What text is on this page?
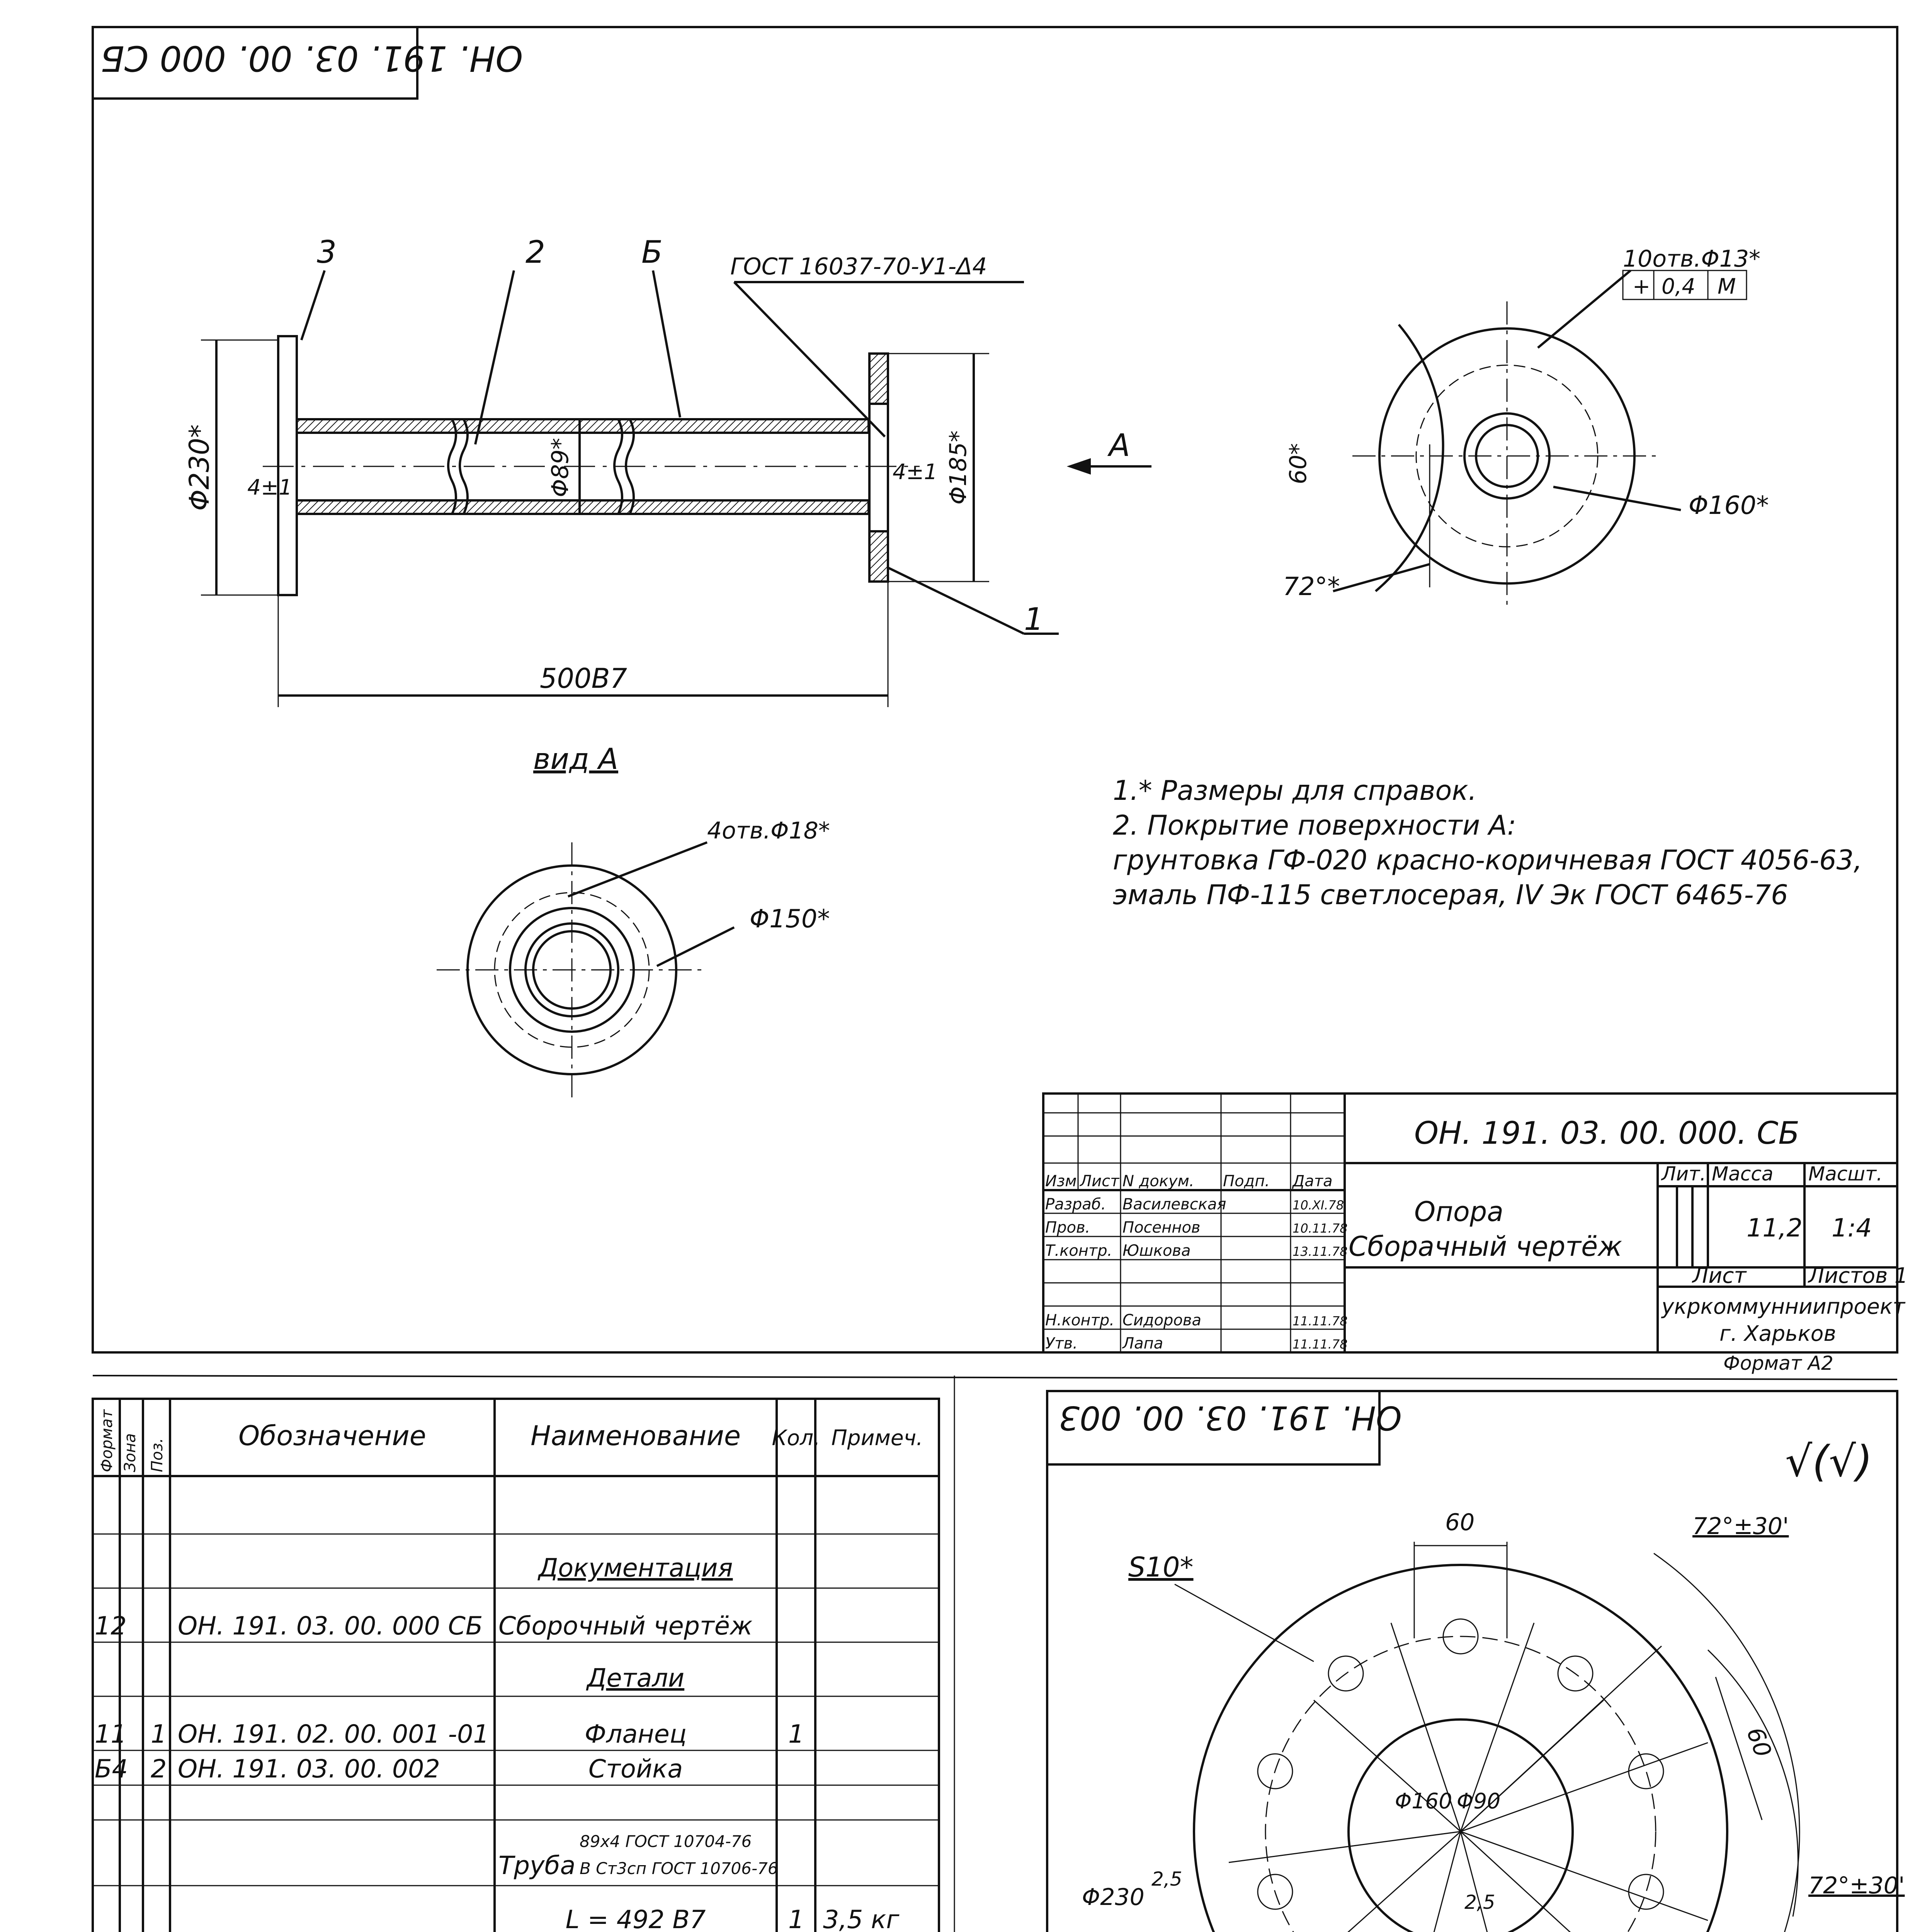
ОН. 191. 03. 00. 000 СБ
3	2	Б
1
ГОСТ 16037-70-У1-Δ4
Φ230*	Φ89*	Φ185*
4±1
4±1
500В7
А
10отв.Φ13*
+ 0,4 М
60*
Φ160*
72°*
вид А
4отв.Φ18*
Φ150*
1.* Размеры для справок.
2. Покрытие поверхности А:
грунтовка ГФ-020 красно-коричневая ГОСТ 4056-63,
эмаль ПФ-115 светлосерая, IV Эк ГОСТ 6465-76
ОН. 191. 03. 00. 000. СБ
Опора
Сборачный чертёж
Лит. Масса Масшт.
11,2 1:4
Лист	Листов 1
укркоммунниипроект
г. Харьков
Формат А2
Изм Лист N докум. Подп. Дата
Разраб. Василевская	10.XI.78
Пров. Посеннов	10.11.78
Т.контр. Юшкова	13.11.78
Н.контр. Сидорова	11.11.78
Утв.	Лапа	11.11.78
Формат Зона Поз.
Обозначение	Наименование Кол. Примеч.
Документация
12 ОН. 191. 03. 00. 000 СБ Сборочный чертёж
Детали
11 1 ОН. 191. 02. 00. 001 -01	Фланец	1
Б4 2 ОН. 191. 03. 00. 002	Стойка
Труба
89х4 ГОСТ 10704-76
В Ст3сп ГОСТ 10706-76
L = 492 В7	1 3,5 кг
ОН. 191. 03. 00. 003
√(√)
S10*
60
60
72°±30'
72°±30'
Φ160 Φ90
Φ230
2,5
2,5
